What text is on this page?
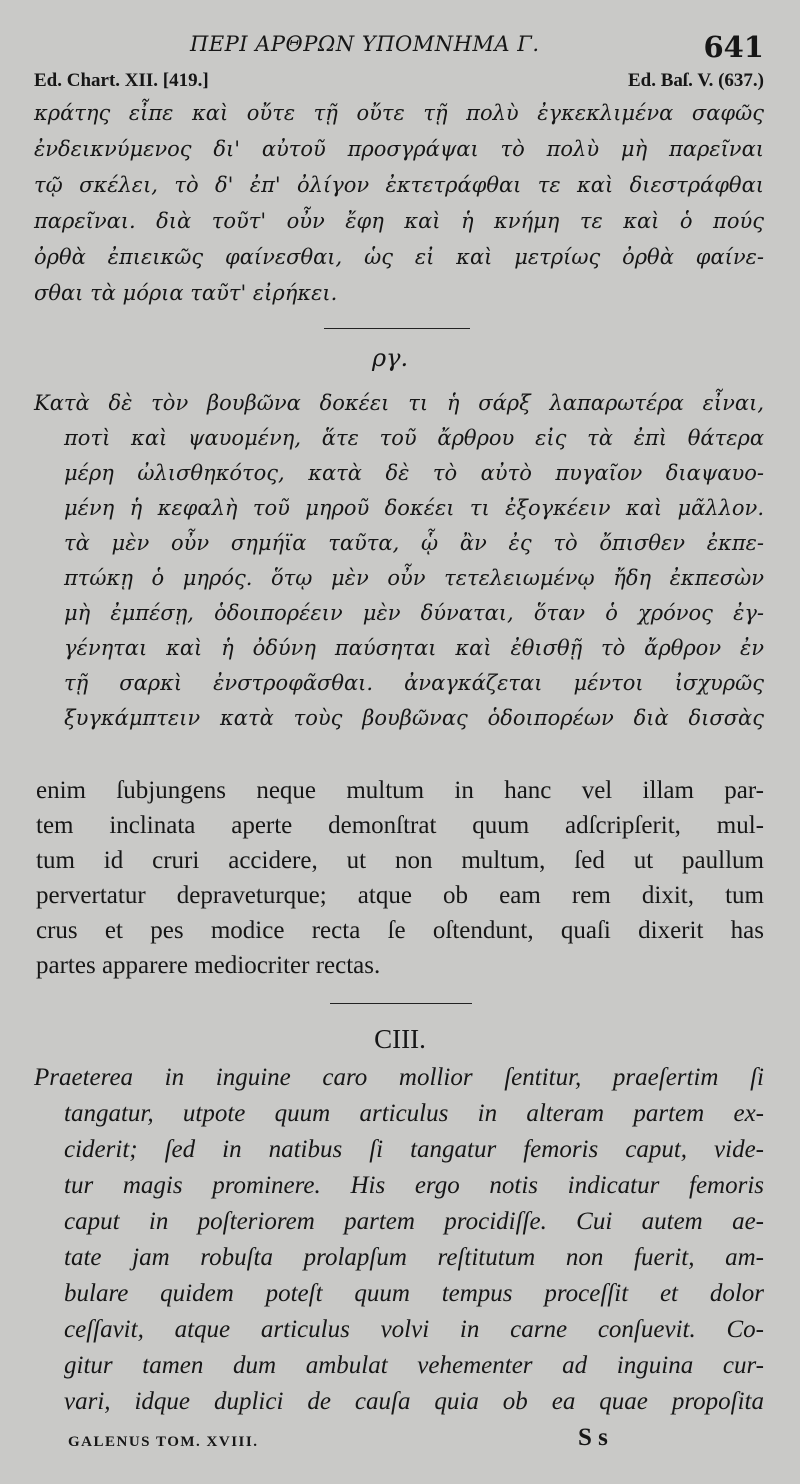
ΠΕΡΙ ΑΡΘΡΩΝ ΥΠΟΜΝΗΜΑ Γ.	641
Ed. Chart. XII. [419.]	Ed. Baſ. V. (637.)
κράτης εἶπε καὶ οὔτε τῇ οὔτε τῇ πολὺ ἐγκεκλιμένα σαφῶς
ἐνδεικνύμενος δι' αὐτοῦ προσγράψαι τὸ πολὺ μὴ παρεῖναι
τῷ σκέλει, τὸ δ' ἐπ' ὀλίγον ἐκτετράφθαι τε καὶ διεστράφθαι
παρεῖναι. διὰ τοῦτ' οὖν ἔφη καὶ ἡ κνήμη τε καὶ ὁ πούς
ὀρθὰ ἐπιεικῶς φαίνεσθαι, ὡς εἰ καὶ μετρίως ὀρθὰ φαίνε-
σθαι τὰ μόρια ταῦτ' εἰρήκει.
ργ.
Κατὰ δὲ τὸν βουβῶνα δοκέει τι ἡ σάρξ λαπαρωτέρα εἶναι,
ποτὶ καὶ ψαυομένη, ἅτε τοῦ ἄρθρου εἰς τὰ ἐπὶ θάτερα
μέρη ὠλισθηκότος, κατὰ δὲ τὸ αὐτὸ πυγαῖον διαψαυο-
μένη ἡ κεφαλὴ τοῦ μηροῦ δοκέει τι ἐξογκέειν καὶ μᾶλλον.
τὰ μὲν οὖν σημήϊα ταῦτα, ᾧ ἂν ἐς τὸ ὄπισθεν ἐκπε-
πτώκῃ ὁ μηρός. ὅτῳ μὲν οὖν τετελειωμένῳ ἤδη ἐκπεσὼν
μὴ ἐμπέσῃ, ὁδοιπορέειν μὲν δύναται, ὅταν ὁ χρόνος ἐγ-
γένηται καὶ ἡ ὀδύνη παύσηται καὶ ἐθισθῇ τὸ ἄρθρον ἐν
τῇ σαρκὶ ἐνστροφᾶσθαι. ἀναγκάζεται μέντοι ἰσχυρῶς
ξυγκάμπτειν κατὰ τοὺς βουβῶνας ὁδοιπορέων διὰ δισσὰς
enim ſubjungens neque multum in hanc vel illam par-
tem inclinata aperte demonſtrat quum adſcripſerit, mul-
tum id cruri accidere, ut non multum, ſed ut paullum
pervertatur depraveturque; atque ob eam rem dixit, tum
crus et pes modice recta ſe oſtendunt, quaſi dixerit has
partes apparere mediocriter rectas.
CIII.
Praeterea in inguine caro mollior ſentitur, praeſertim ſi
tangatur, utpote quum articulus in alteram partem ex-
ciderit; ſed in natibus ſi tangatur femoris caput, vide-
tur magis prominere. His ergo notis indicatur femoris
caput in poſteriorem partem procidiſſe. Cui autem ae-
tate jam robuſta prolapſum reſtitutum non fuerit, am-
bulare quidem poteſt quum tempus proceſſit et dolor
ceſſavit, atque articulus volvi in carne conſuevit. Co-
gitur tamen dum ambulat vehementer ad inguina cur-
vari, idque duplici de cauſa quia ob ea quae propoſita
GALENUS TOM. XVIII.	S s
